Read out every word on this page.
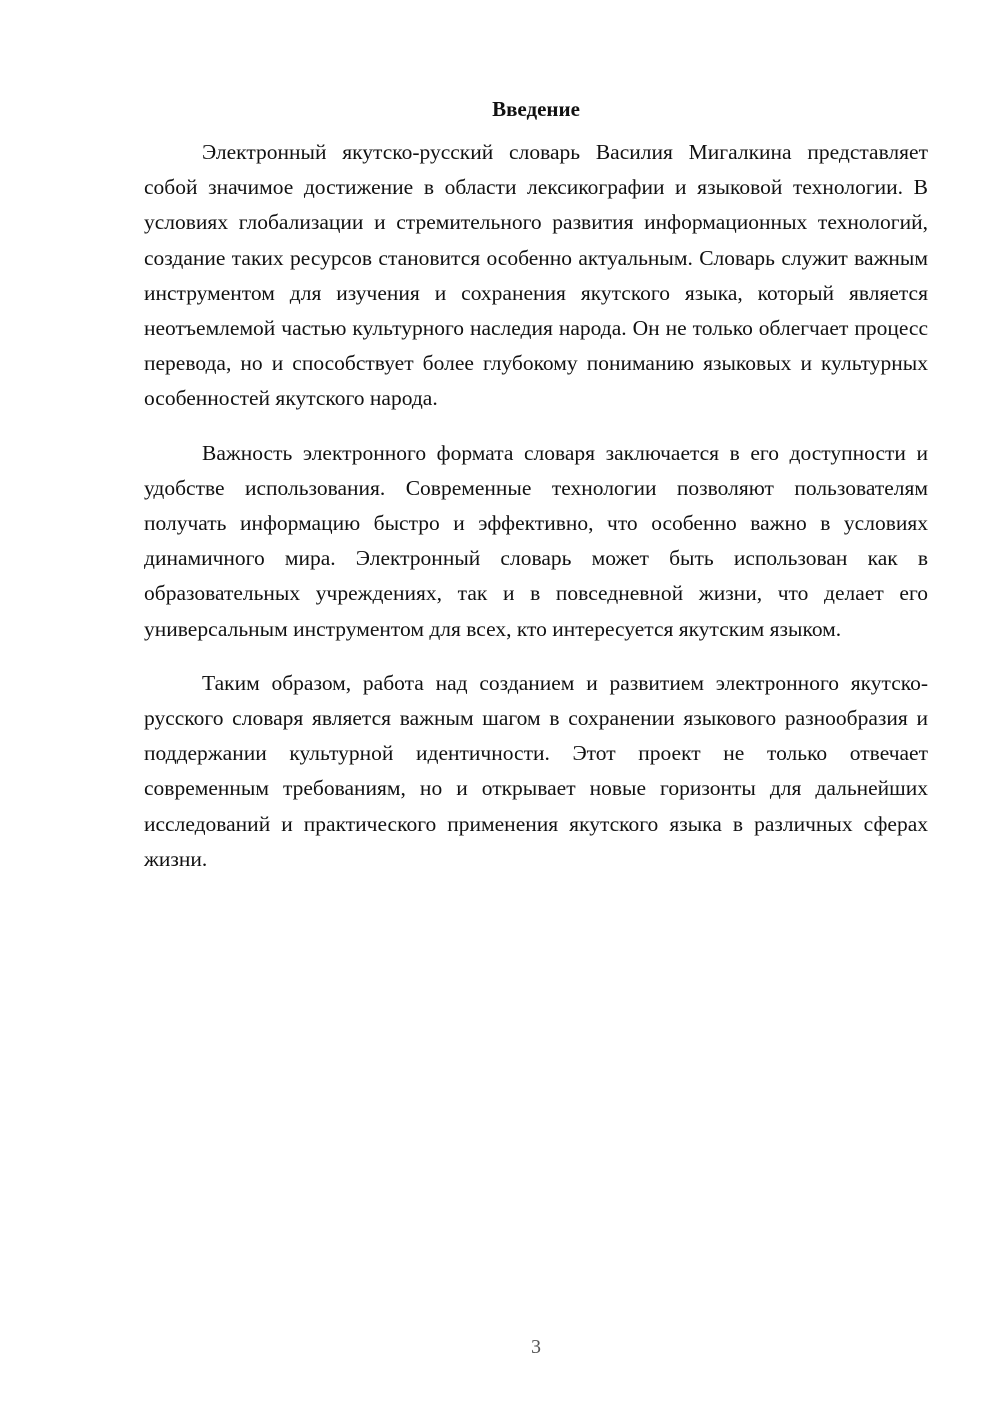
Введение

Электронный якутско-русский словарь Василия Мигалкина представляет собой значимое достижение в области лексикографии и языковой технологии. В условиях глобализации и стремительного развития информационных технологий, создание таких ресурсов становится особенно актуальным. Словарь служит важным инструментом для изучения и сохранения якутского языка, который является неотъемлемой частью культурного наследия народа. Он не только облегчает процесс перевода, но и способствует более глубокому пониманию языковых и культурных особенностей якутского народа.

Важность электронного формата словаря заключается в его доступности и удобстве использования. Современные технологии позволяют пользователям получать информацию быстро и эффективно, что особенно важно в условиях динамичного мира. Электронный словарь может быть использован как в образовательных учреждениях, так и в повседневной жизни, что делает его универсальным инструментом для всех, кто интересуется якутским языком.

Таким образом, работа над созданием и развитием электронного якутско-русского словаря является важным шагом в сохранении языкового разнообразия и поддержании культурной идентичности. Этот проект не только отвечает современным требованиям, но и открывает новые горизонты для дальнейших исследований и практического применения якутского языка в различных сферах жизни.

3
